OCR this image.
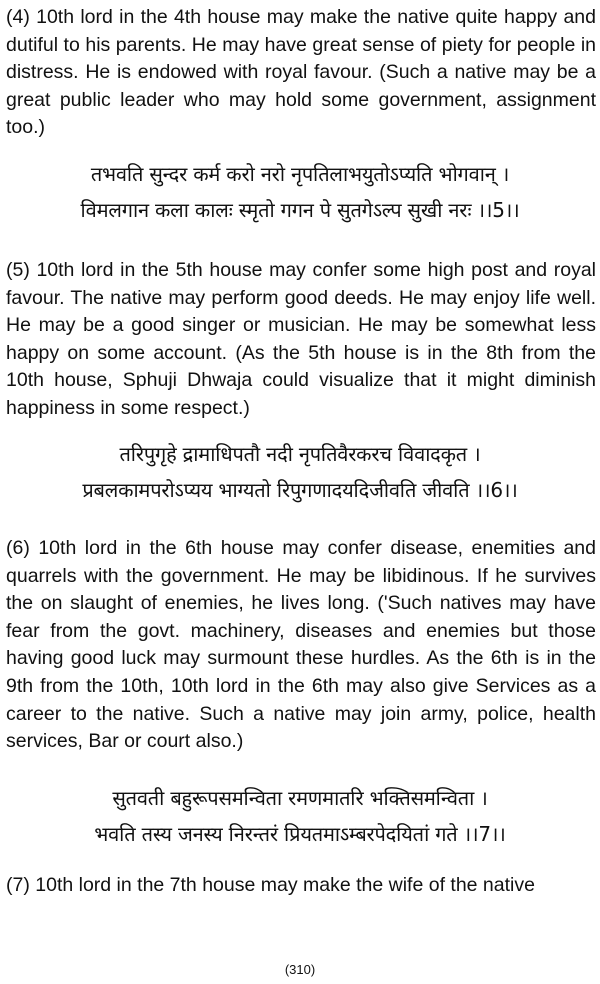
(4) 10th lord in the 4th house may make the native quite happy and dutiful to his parents. He may have great sense of piety for people in distress. He is endowed with royal favour. (Such a native may be a great public leader who may hold some government, assignment too.)

तभवति सुन्दर कर्म करो नरो नृपतिलाभयुतोऽप्यति भोगवान् ।
विमलगान कला कालः स्मृतो गगन पे सुतगेऽल्प सुखी नरः ।।5।।

(5) 10th lord in the 5th house may confer some high post and royal favour. The native may perform good deeds. He may enjoy life well. He may be a good singer or musician. He may be somewhat less happy on some account. (As the 5th house is in the 8th from the 10th house, Sphuji Dhwaja could visualize that it might diminish happiness in some respect.)

तरिपुगृहे द्रामाधिपतौ नदी नृपतिवैरकरच विवादकृत ।
प्रबलकामपरोऽप्यय भाग्यतो रिपुगणादयदिजीवति जीवति ।।6।।

(6) 10th lord in the 6th house may confer disease, enemities and quarrels with the government. He may be libidinous. If he survives the on slaught of enemies, he lives long. ('Such natives may have fear from the govt. machinery, diseases and enemies but those having good luck may surmount these hurdles. As the 6th is in the 9th from the 10th, 10th lord in the 6th may also give Services as a career to the native. Such a native may join army, police, health services, Bar or court also.)

सुतवती बहुरूपसमन्विता रमणमातरि भक्तिसमन्विता ।
भवति तस्य जनस्य निरन्तरं प्रियतमाऽम्बरपेदयितां गते ।।7।।

(7) 10th lord in the 7th house may make the wife of the native

(310)
